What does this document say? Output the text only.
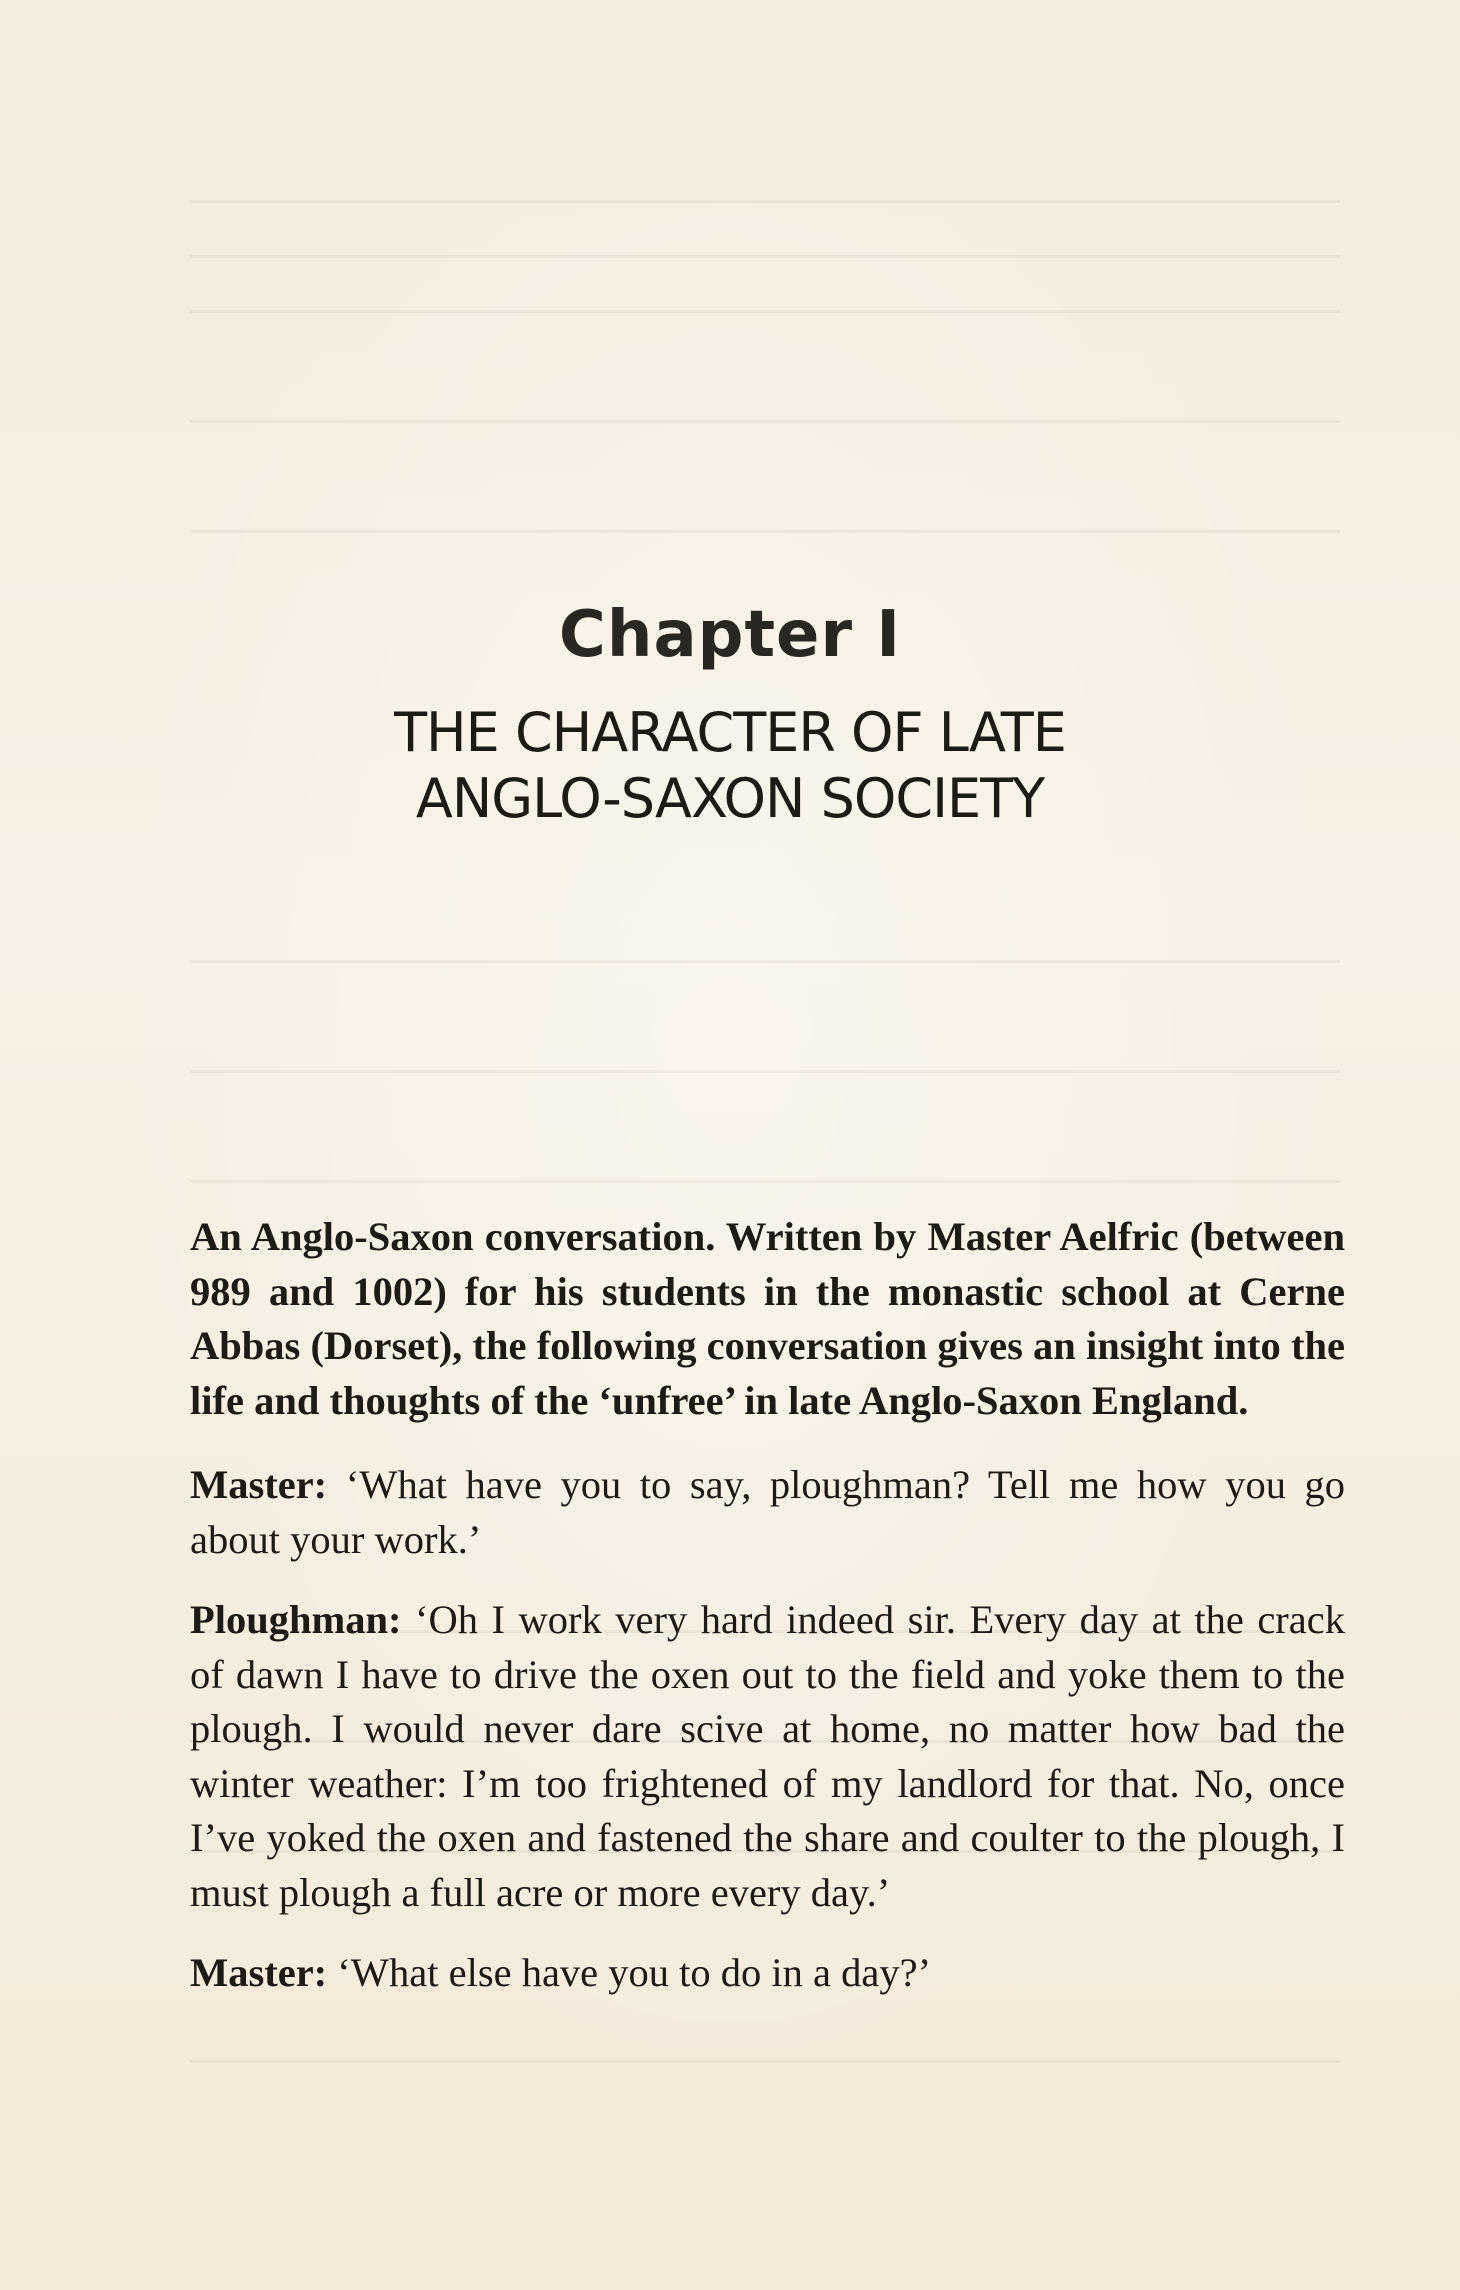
Chapter I

THE CHARACTER OF LATE
ANGLO-SAXON SOCIETY

An Anglo-Saxon conversation. Written by Master Aelfric (between 989 and 1002) for his students in the monastic school at Cerne Abbas (Dorset), the following conversation gives an insight into the life and thoughts of the ‘unfree’ in late Anglo-Saxon England.

Master: ‘What have you to say, ploughman? Tell me how you go about your work.’

Ploughman: ‘Oh I work very hard indeed sir. Every day at the crack of dawn I have to drive the oxen out to the field and yoke them to the plough. I would never dare scive at home, no matter how bad the winter weather: I’m too frightened of my landlord for that. No, once I’ve yoked the oxen and fastened the share and coulter to the plough, I must plough a full acre or more every day.’

Master: ‘What else have you to do in a day?’
